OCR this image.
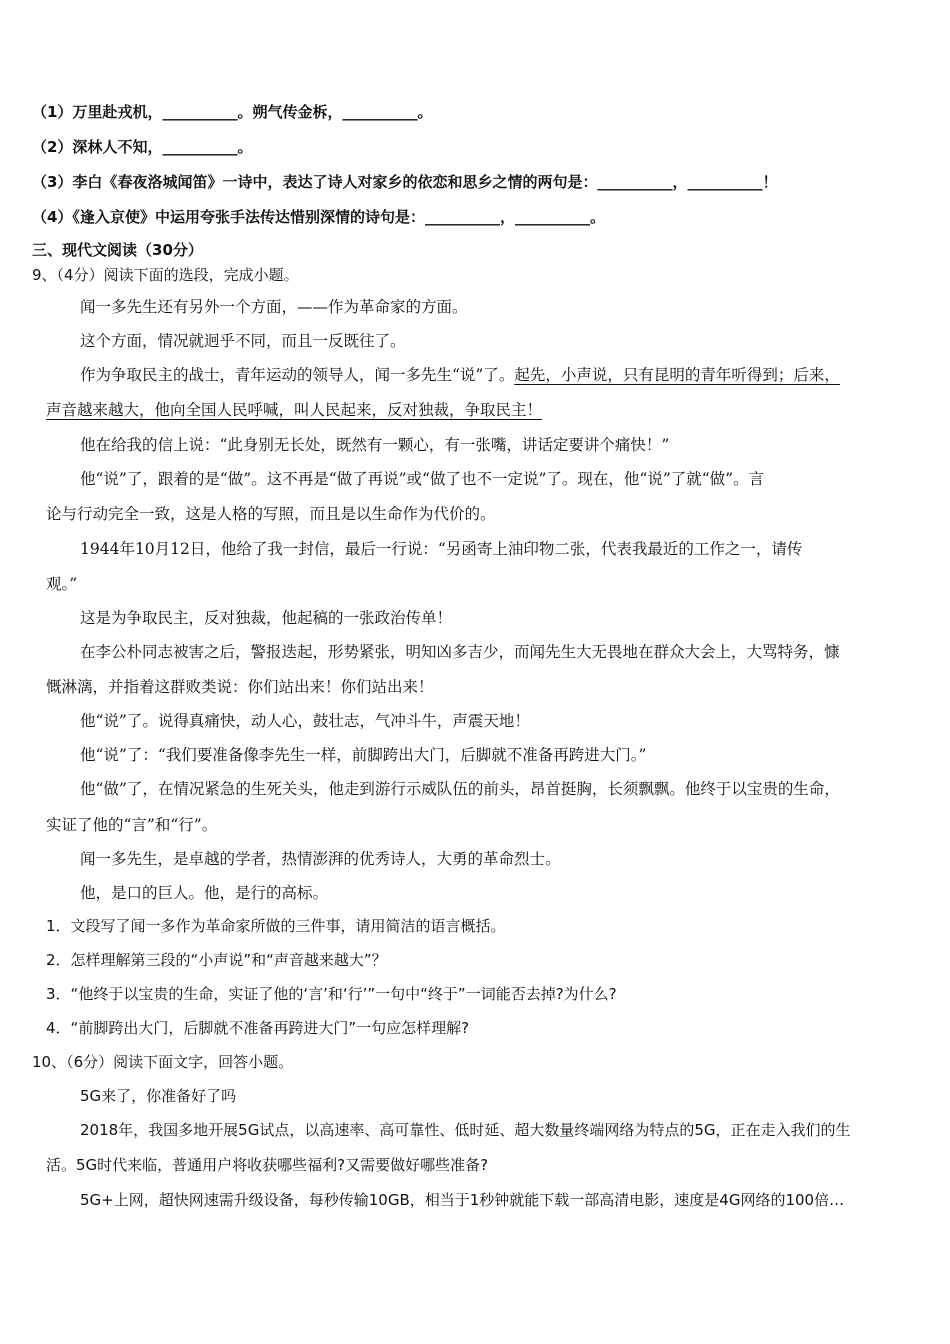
（1）万里赴戎机，__________。朔气传金柝，__________。
（2）深林人不知，__________。
（3）李白《春夜洛城闻笛》一诗中，表达了诗人对家乡的依恋和思乡之情的两句是：__________，__________！
（4）《逢入京使》中运用夸张手法传达惜别深情的诗句是：__________，__________。
三、现代文阅读（30分）
9、（4分）阅读下面的选段，完成小题。
闻一多先生还有另外一个方面，——作为革命家的方面。
这个方面，情况就迥乎不同，而且一反既往了。
作为争取民主的战士，青年运动的领导人，闻一多先生“说”了。起先，小声说，只有昆明的青年听得到；后来，
声音越来越大，他向全国人民呼喊，叫人民起来，反对独裁，争取民主！
他在给我的信上说：“此身别无长处，既然有一颗心，有一张嘴，讲话定要讲个痛快！”
他“说”了，跟着的是“做”。这不再是“做了再说”或“做了也不一定说”了。现在，他“说”了就“做”。言
论与行动完全一致，这是人格的写照，而且是以生命作为代价的。
1944年10月12日，他给了我一封信，最后一行说：“另函寄上油印物二张，代表我最近的工作之一，请传
观。”
这是为争取民主，反对独裁，他起稿的一张政治传单！
在李公朴同志被害之后，警报迭起，形势紧张，明知凶多吉少，而闻先生大无畏地在群众大会上，大骂特务，慷
慨淋漓，并指着这群败类说：你们站出来！你们站出来！
他“说”了。说得真痛快，动人心，鼓壮志，气冲斗牛，声震天地！
他“说”了：“我们要准备像李先生一样，前脚跨出大门，后脚就不准备再跨进大门。”
他“做”了，在情况紧急的生死关头，他走到游行示威队伍的前头，昂首挺胸，长须飘飘。他终于以宝贵的生命，
实证了他的“言”和“行”。
闻一多先生，是卓越的学者，热情澎湃的优秀诗人，大勇的革命烈士。
他，是口的巨人。他，是行的高标。
1．文段写了闻一多作为革命家所做的三件事，请用简洁的语言概括。
2．怎样理解第三段的“小声说”和“声音越来越大”？
3．“他终于以宝贵的生命，实证了他的‘言’和‘行’”一句中“终于”一词能否去掉?为什么?
4．“前脚跨出大门，后脚就不准备再跨进大门”一句应怎样理解?
10、（6分）阅读下面文字，回答小题。
5G来了，你准备好了吗
2018年，我国多地开展5G试点，以高速率、高可靠性、低时延、超大数量终端网络为特点的5G，正在走入我们的生
活。5G时代来临，普通用户将收获哪些福利?又需要做好哪些准备?
5G+上网，超快网速需升级设备，每秒传输10GB，相当于1秒钟就能下载一部高清电影，速度是4G网络的100倍…
